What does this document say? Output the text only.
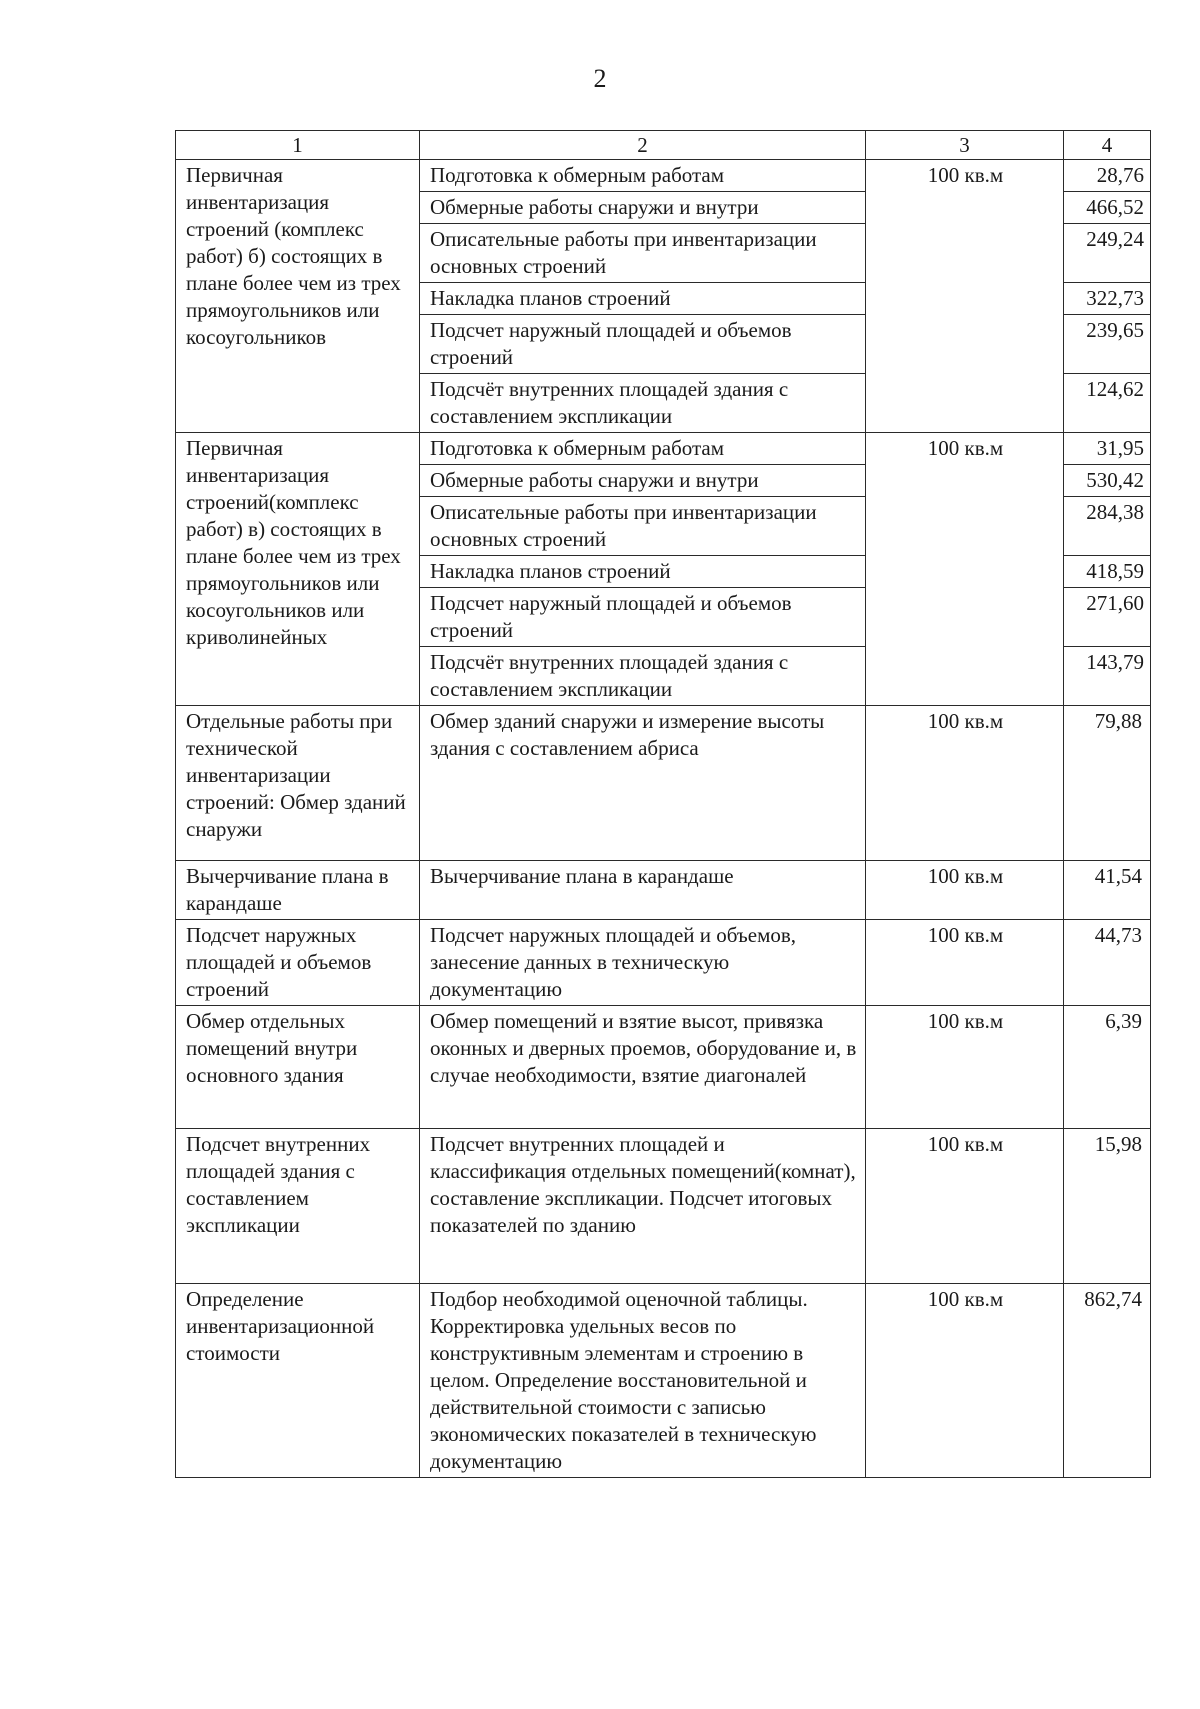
2
1	2	3	4
Первичная инвентаризация строений (комплекс работ) б) состоящих в плане более чем из трех прямоугольников или косоугольников	Подготовка к обмерным работам	100 кв.м	28,76
	Обмерные работы снаружи и внутри		466,52
	Описательные работы при инвентаризации основных строений		249,24
	Накладка планов строений		322,73
	Подсчет наружный площадей и объемов строений		239,65
	Подсчёт внутренних площадей здания с составлением экспликации		124,62
Первичная инвентаризация строений(комплекс работ) в) состоящих в плане более чем из трех прямоугольников или косоугольников или криволинейных	Подготовка к обмерным работам	100 кв.м	31,95
	Обмерные работы снаружи и внутри		530,42
	Описательные работы при инвентаризации основных строений		284,38
	Накладка планов строений		418,59
	Подсчет наружный площадей и объемов строений		271,60
	Подсчёт внутренних площадей здания с составлением экспликации		143,79
Отдельные работы при технической инвентаризации строений: Обмер зданий снаружи	Обмер зданий снаружи и измерение высоты здания с составлением абриса	100 кв.м	79,88
Вычерчивание плана в карандаше	Вычерчивание плана в карандаше	100 кв.м	41,54
Подсчет наружных площадей и объемов строений	Подсчет наружных площадей и объемов, занесение данных в техническую документацию	100 кв.м	44,73
Обмер отдельных помещений внутри основного здания	Обмер помещений и взятие высот, привязка оконных и дверных проемов, оборудование и, в случае необходимости, взятие диагоналей	100 кв.м	6,39
Подсчет внутренних площадей здания с составлением экспликации	Подсчет внутренних площадей и классификация отдельных помещений(комнат), составление экспликации. Подсчет итоговых показателей по зданию	100 кв.м	15,98
Определение инвентаризационной стоимости	Подбор необходимой оценочной таблицы. Корректировка удельных весов по конструктивным элементам и строению в целом. Определение восстановительной и действительной стоимости с записью экономических показателей в техническую документацию	100 кв.м	862,74
